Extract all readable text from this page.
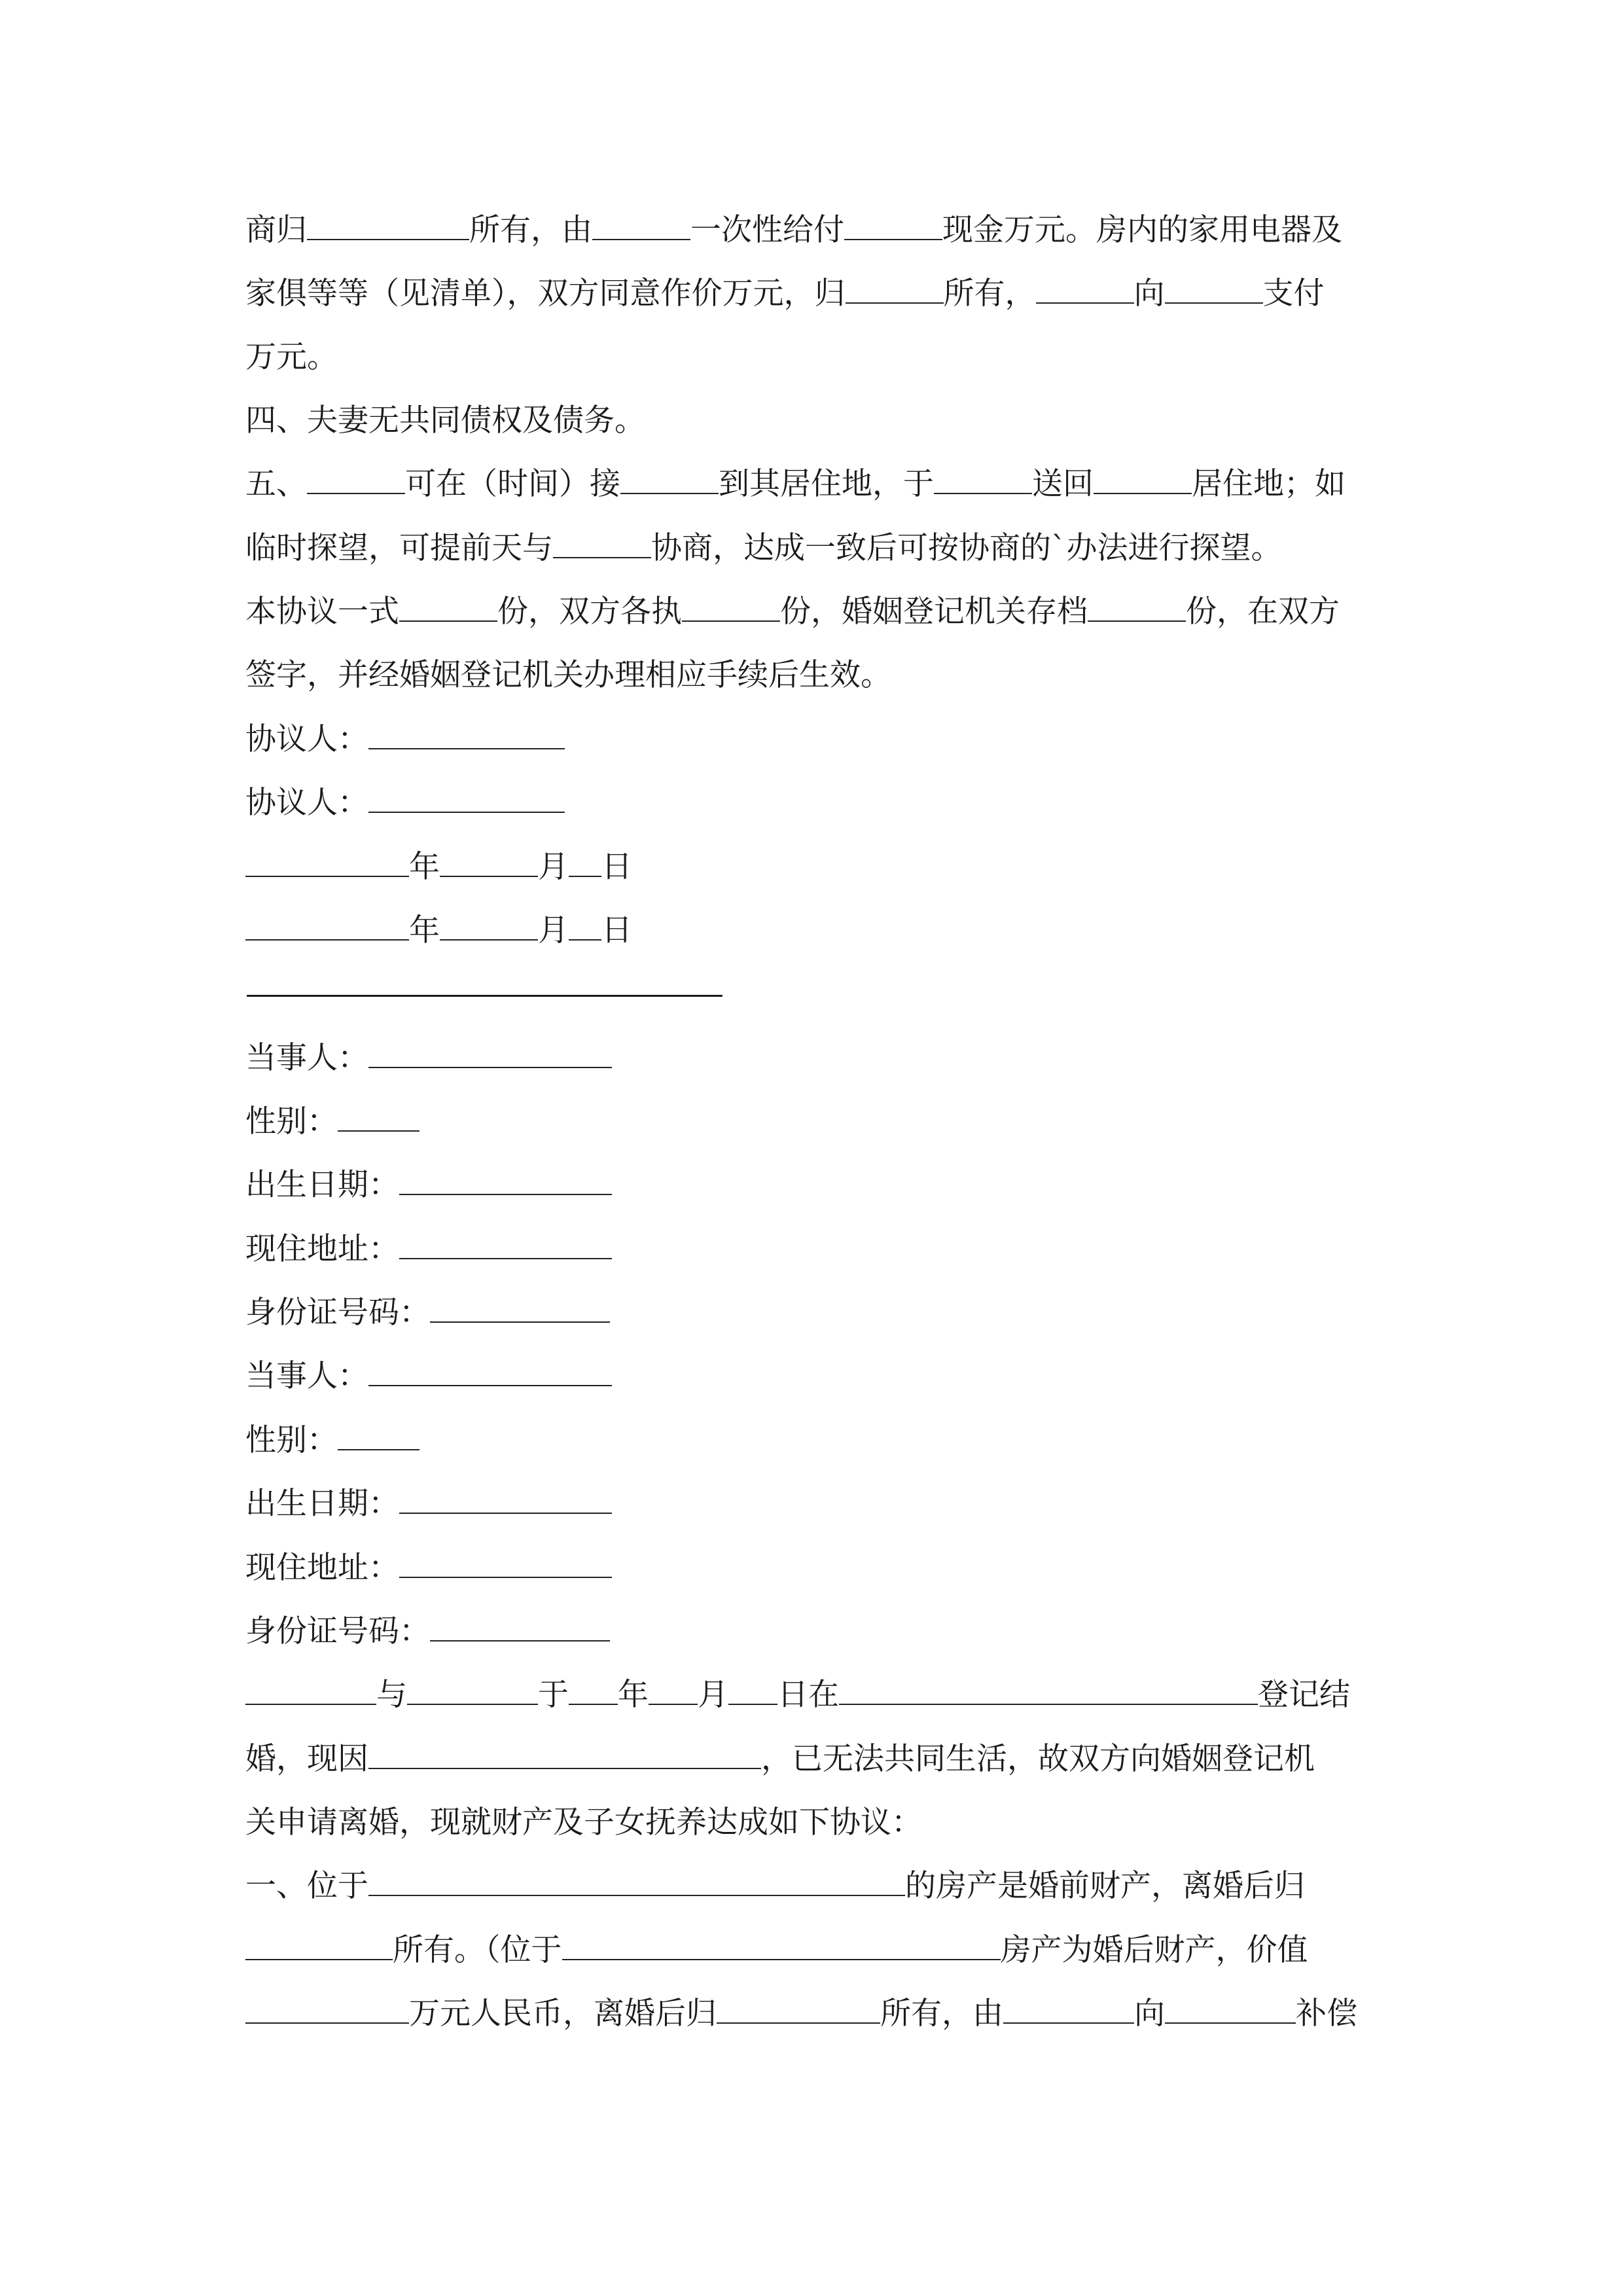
商归	所有，由	一次性给付	现金万元。房内的家用电器及
家俱等等（见清单），双方同意作价万元，归	所有，	向	支付
万元。
四、夫妻无共同债权及债务。
五、	可在（时间）接	到其居住地，于	送回	居住地；如
临时探望，可提前天与	协商，达成一致后可按协商的`办法进行探望。
本协议一式	份，双方各执	份，婚姻登记机关存档	份，在双方
签字，并经婚姻登记机关办理相应手续后生效。
协议人：
协议人：
年	月 日
年	月 日
————————————————————
当事人：
性别：
出生日期：
现住地址：
身份证号码：
当事人：
性别：
出生日期：
现住地址：
身份证号码：
与	于 年 月 日在	登记结
婚，现因	，已无法共同生活，故双方向婚姻登记机
关申请离婚，现就财产及子女抚养达成如下协议：
一、位于	的房产是婚前财产，离婚后归
所有。（位于	房产为婚后财产，价值
万元人民币，离婚后归	所有，由	向	补偿
